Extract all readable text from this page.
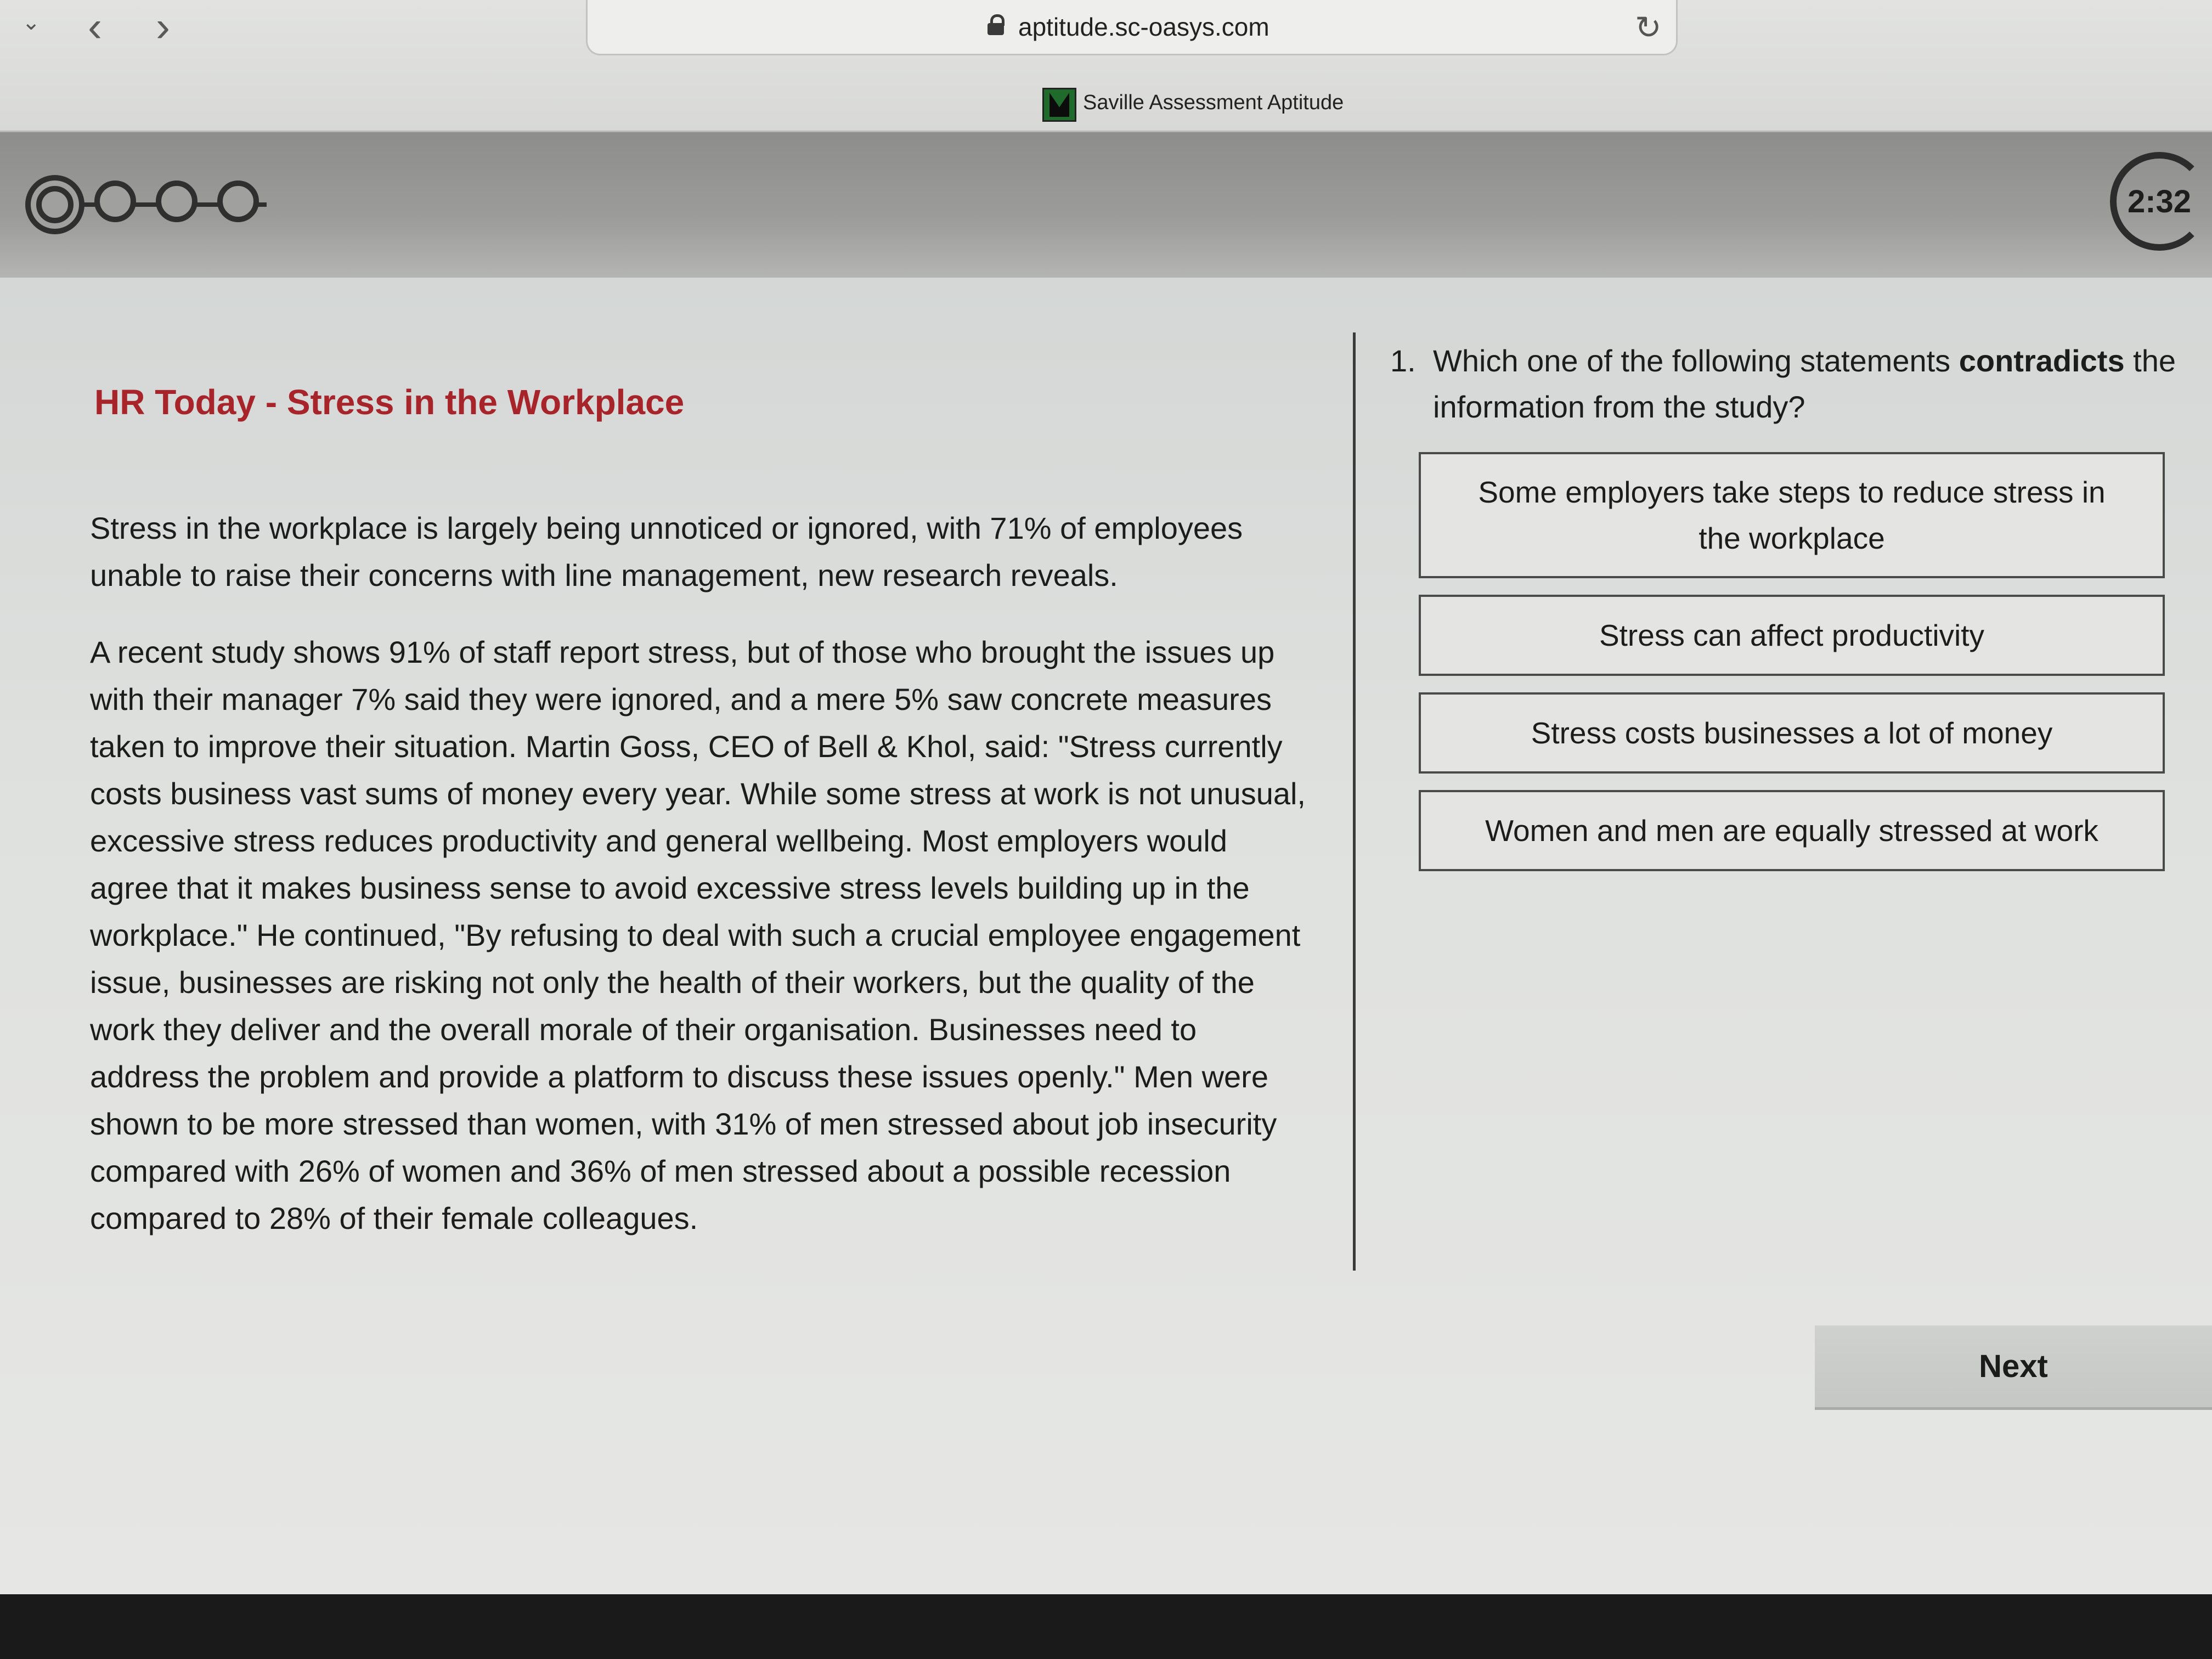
⌄ ‹ ›	aptitude.sc-oasys.com	↻
Saville Assessment Aptitude
2:32
HR Today - Stress in the Workplace

Stress in the workplace is largely being unnoticed or ignored, with 71% of employees unable to raise their concerns with line management, new research reveals.

A recent study shows 91% of staff report stress, but of those who brought the issues up with their manager 7% said they were ignored, and a mere 5% saw concrete measures taken to improve their situation. Martin Goss, CEO of Bell & Khol, said: "Stress currently costs business vast sums of money every year. While some stress at work is not unusual, excessive stress reduces productivity and general wellbeing. Most employers would agree that it makes business sense to avoid excessive stress levels building up in the workplace." He continued, "By refusing to deal with such a crucial employee engagement issue, businesses are risking not only the health of their workers, but the quality of the work they deliver and the overall morale of their organisation. Businesses need to address the problem and provide a platform to discuss these issues openly." Men were shown to be more stressed than women, with 31% of men stressed about job insecurity compared with 26% of women and 36% of men stressed about a possible recession compared to 28% of their female colleagues.

1. Which one of the following statements contradicts the information from the study?

Some employers take steps to reduce stress in the workplace
Stress can affect productivity
Stress costs businesses a lot of money
Women and men are equally stressed at work
Next
